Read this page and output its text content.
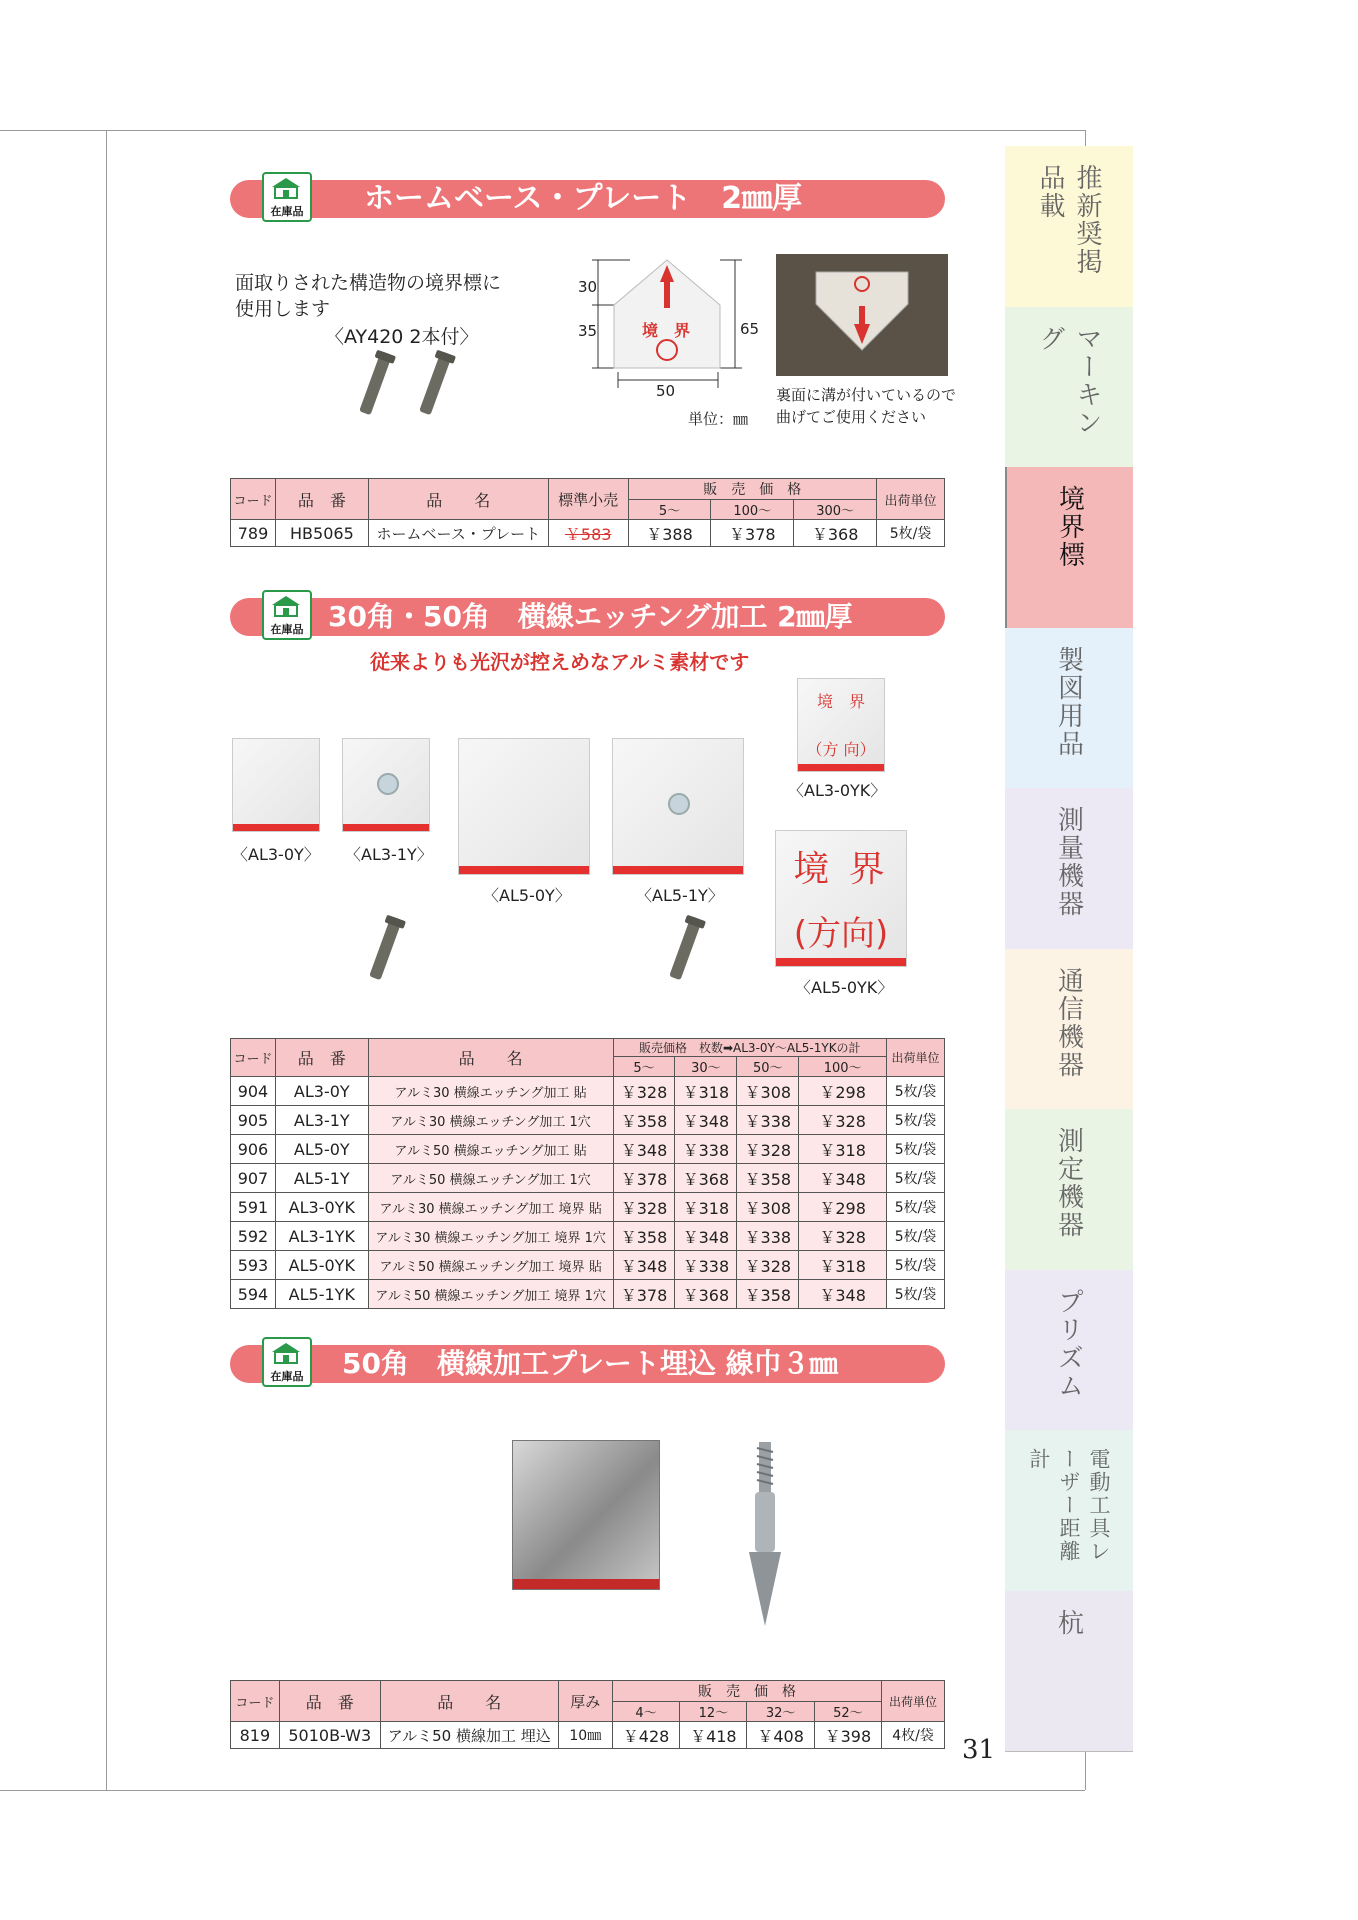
ホームベース・プレート　2㎜厚
在庫品
面取りされた構造物の境界標に
使用します
〈AY420 2本付〉
30
35	65
50
境　界
単位：㎜
裏面に溝が付いているので
曲げてご使用ください
コード	品　番	品　　名	標準小売	販　売　価　格			出荷単位
				5〜	100〜	300〜	
789	HB5065	ホームベース・プレート	￥583	￥388	￥378	￥368	5枚/袋
30角・50角　横線エッチング加工 2㎜厚
在庫品
従来よりも光沢が控えめなアルミ素材です
〈AL3-0Y〉 〈AL3-1Y〉
〈AL5-0Y〉	〈AL5-1Y〉
境　界
（方 向）
〈AL3-0YK〉
境 界
(方向)
〈AL5-0YK〉
コード	品　番	品　　名	販売価格　枚数➡AL3-0Y〜AL5-1YKの計				出荷単位
			5〜	30〜	50〜	100〜	
904	AL3-0Y	アルミ30 横線エッチング加工 貼	￥328	￥318	￥308	￥298	5枚/袋
905	AL3-1Y	アルミ30 横線エッチング加工 1穴	￥358	￥348	￥338	￥328	5枚/袋
906	AL5-0Y	アルミ50 横線エッチング加工 貼	￥348	￥338	￥328	￥318	5枚/袋
907	AL5-1Y	アルミ50 横線エッチング加工 1穴	￥378	￥368	￥358	￥348	5枚/袋
591	AL3-0YK	アルミ30 横線エッチング加工 境界 貼	￥328	￥318	￥308	￥298	5枚/袋
592	AL3-1YK	アルミ30 横線エッチング加工 境界 1穴	￥358	￥348	￥338	￥328	5枚/袋
593	AL5-0YK	アルミ50 横線エッチング加工 境界 貼	￥348	￥338	￥328	￥318	5枚/袋
594	AL5-1YK	アルミ50 横線エッチング加工 境界 1穴	￥378	￥368	￥358	￥348	5枚/袋
50角　横線加工プレート埋込 線巾３㎜
在庫品
コード	品　番	品　　名	厚み	販　売　価　格				出荷単位
				4〜	12〜	32〜	52〜	
819	5010B-W3	アルミ50 横線加工 埋込	10㎜	￥428	￥418	￥408	￥398	4枚/袋 31
推新奨掲品載
マーキング
境界標
製図用品
測量機器
通信機器
測定機器
プリズム
電動工具レーザー距離計
杭
